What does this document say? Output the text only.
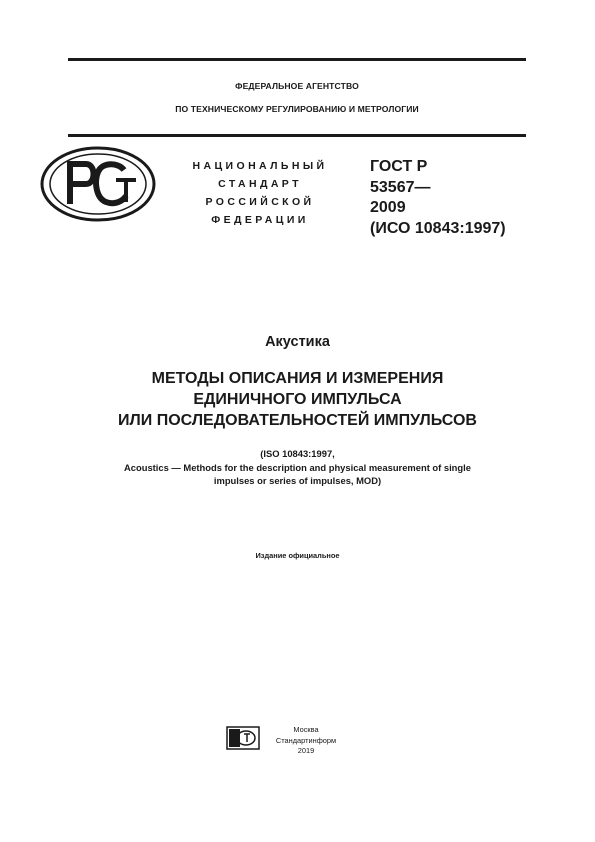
ФЕДЕРАЛЬНОЕ АГЕНТСТВО
ПО ТЕХНИЧЕСКОМУ РЕГУЛИРОВАНИЮ И МЕТРОЛОГИИ
НАЦИОНАЛЬНЫЙ
СТАНДАРТ
РОССИЙСКОЙ
ФЕДЕРАЦИИ
ГОСТ Р
53567—
2009
(ИСО 10843:1997)
Акустика
МЕТОДЫ ОПИСАНИЯ И ИЗМЕРЕНИЯ
ЕДИНИЧНОГО ИМПУЛЬСА
ИЛИ ПОСЛЕДОВАТЕЛЬНОСТЕЙ ИМПУЛЬСОВ
(ISO 10843:1997,
Acoustics — Methods for the description and physical measurement of single
impulses or series of impulses, MOD)
Издание официальное
Москва
Стандартинформ
2019
